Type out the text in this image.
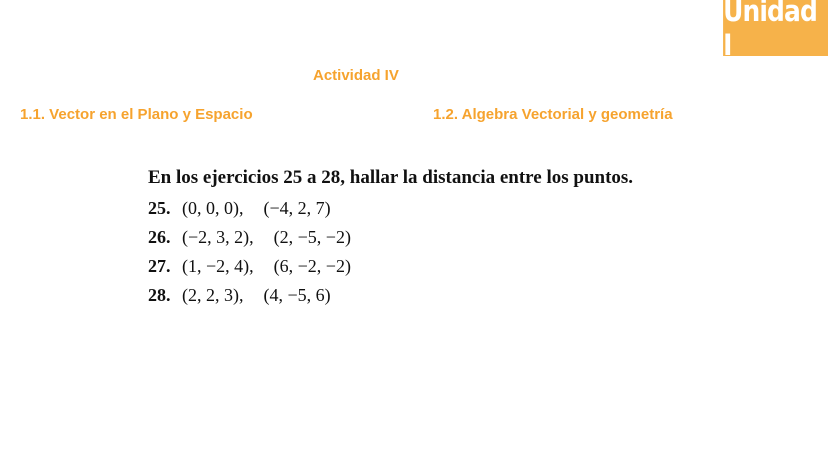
Unidad I
Actividad IV
1.1. Vector en el Plano y Espacio	1.2. Algebra Vectorial y geometría
En los ejercicios 25 a 28, hallar la distancia entre los puntos.
25. (0, 0, 0), (−4, 2, 7)
26. (−2, 3, 2), (2, −5, −2)
27. (1, −2, 4), (6, −2, −2)
28. (2, 2, 3), (4, −5, 6)
